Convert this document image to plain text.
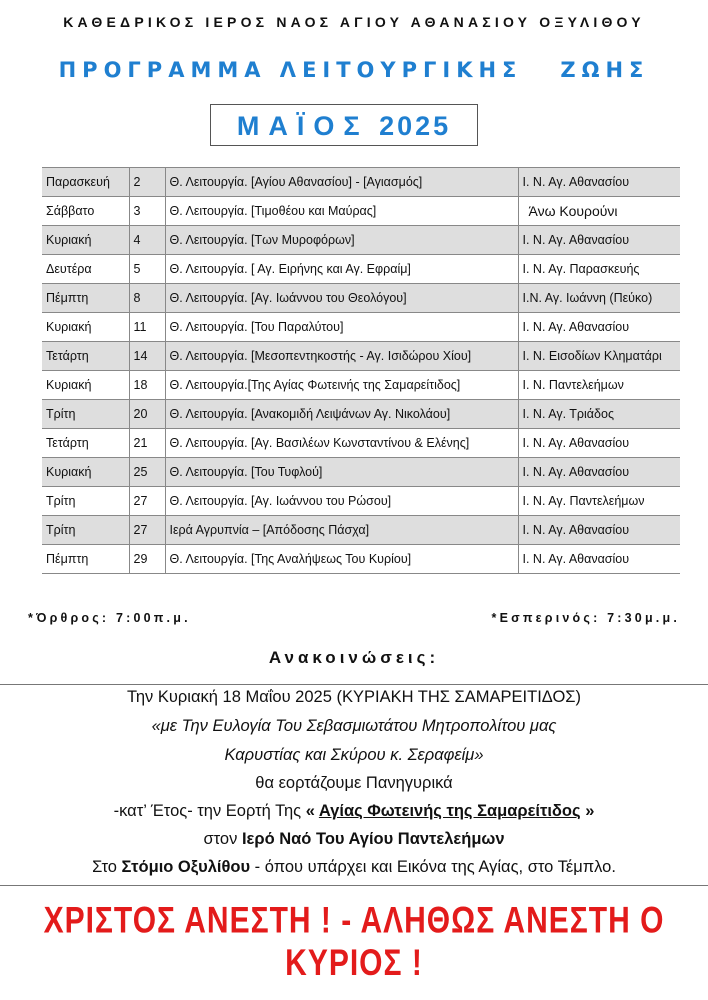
ΚΑΘΕΔΡΙΚΟΣ ΙΕΡΟΣ ΝΑΟΣ ΑΓΙΟΥ ΑΘΑΝΑΣΙΟΥ ΟΞΥΛΙΘΟΥ
ΠΡΟΓΡΑΜΜΑ ΛΕΙΤΟΥΡΓΙΚΗΣ ΖΩΗΣ
ΜΑΪΟΣ 2025
Παρασκευή	2	Θ. Λειτουργία. [Αγίου Αθανασίου] - [Αγιασμός]	Ι. Ν. Αγ. Αθανασίου
Σάββατο	3	Θ. Λειτουργία. [Τιμοθέου και Μαύρας]	Άνω Κουρούνι
Κυριακή	4	Θ. Λειτουργία. [Των Μυροφόρων]	Ι. Ν. Αγ. Αθανασίου
Δευτέρα	5	Θ. Λειτουργία. [ Αγ. Ειρήνης και Αγ. Εφραίμ]	Ι. Ν. Αγ. Παρασκευής
Πέμπτη	8	Θ. Λειτουργία. [Αγ. Ιωάννου του Θεολόγου]	Ι.Ν. Αγ. Ιωάννη (Πεύκο)
Κυριακή	11	Θ. Λειτουργία. [Του Παραλύτου]	Ι. Ν. Αγ. Αθανασίου
Τετάρτη	14	Θ. Λειτουργία. [Μεσοπεντηκοστής - Αγ. Ισιδώρου Χίου]	Ι. Ν. Εισοδίων Κληματάρι
Κυριακή	18	Θ. Λειτουργία.[Της Αγίας Φωτεινής της Σαμαρείτιδος]	Ι. Ν. Παντελεήμων
Τρίτη	20	Θ. Λειτουργία. [Ανακομιδή Λειψάνων Αγ. Νικολάου]	Ι. Ν. Αγ. Τριάδος
Τετάρτη	21	Θ. Λειτουργία. [Αγ. Βασιλέων Κωνσταντίνου & Ελένης]	Ι. Ν. Αγ. Αθανασίου
Κυριακή	25	Θ. Λειτουργία. [Του Τυφλού]	Ι. Ν. Αγ. Αθανασίου
Τρίτη	27	Θ. Λειτουργία. [Αγ. Ιωάννου του Ρώσου]	Ι. Ν. Αγ. Παντελεήμων
Τρίτη	27	Ιερά Αγρυπνία – [Απόδοσης Πάσχα]	Ι. Ν. Αγ. Αθανασίου
Πέμπτη	29	Θ. Λειτουργία. [Της Αναλήψεως Του Κυρίου]	Ι. Ν. Αγ. Αθανασίου
*Όρθρος: 7:00π.μ.	*Εσπερινός: 7:30μ.μ.
Ανακοινώσεις:
Την Κυριακή 18 Μαΐου 2025 (ΚΥΡΙΑΚΗ ΤΗΣ ΣΑΜΑΡΕΙΤΙΔΟΣ)
«με Την Ευλογία Του Σεβασμιωτάτου Μητροπολίτου μας
Καρυστίας και Σκύρου κ. Σεραφείμ»
θα εορτάζουμε Πανηγυρικά
-κατ’ Έτος- την Εορτή Της « Αγίας Φωτεινής της Σαμαρείτιδος »
στον Ιερό Ναό Του Αγίου Παντελεήμων
Στο Στόμιο Οξυλίθου - όπου υπάρχει και Εικόνα της Αγίας, στο Τέμπλο.
ΧΡΙΣΤΟΣ ΑΝΕΣΤΗ ! - ΑΛΗΘΩΣ ΑΝΕΣΤΗ Ο ΚΥΡΙΟΣ !
